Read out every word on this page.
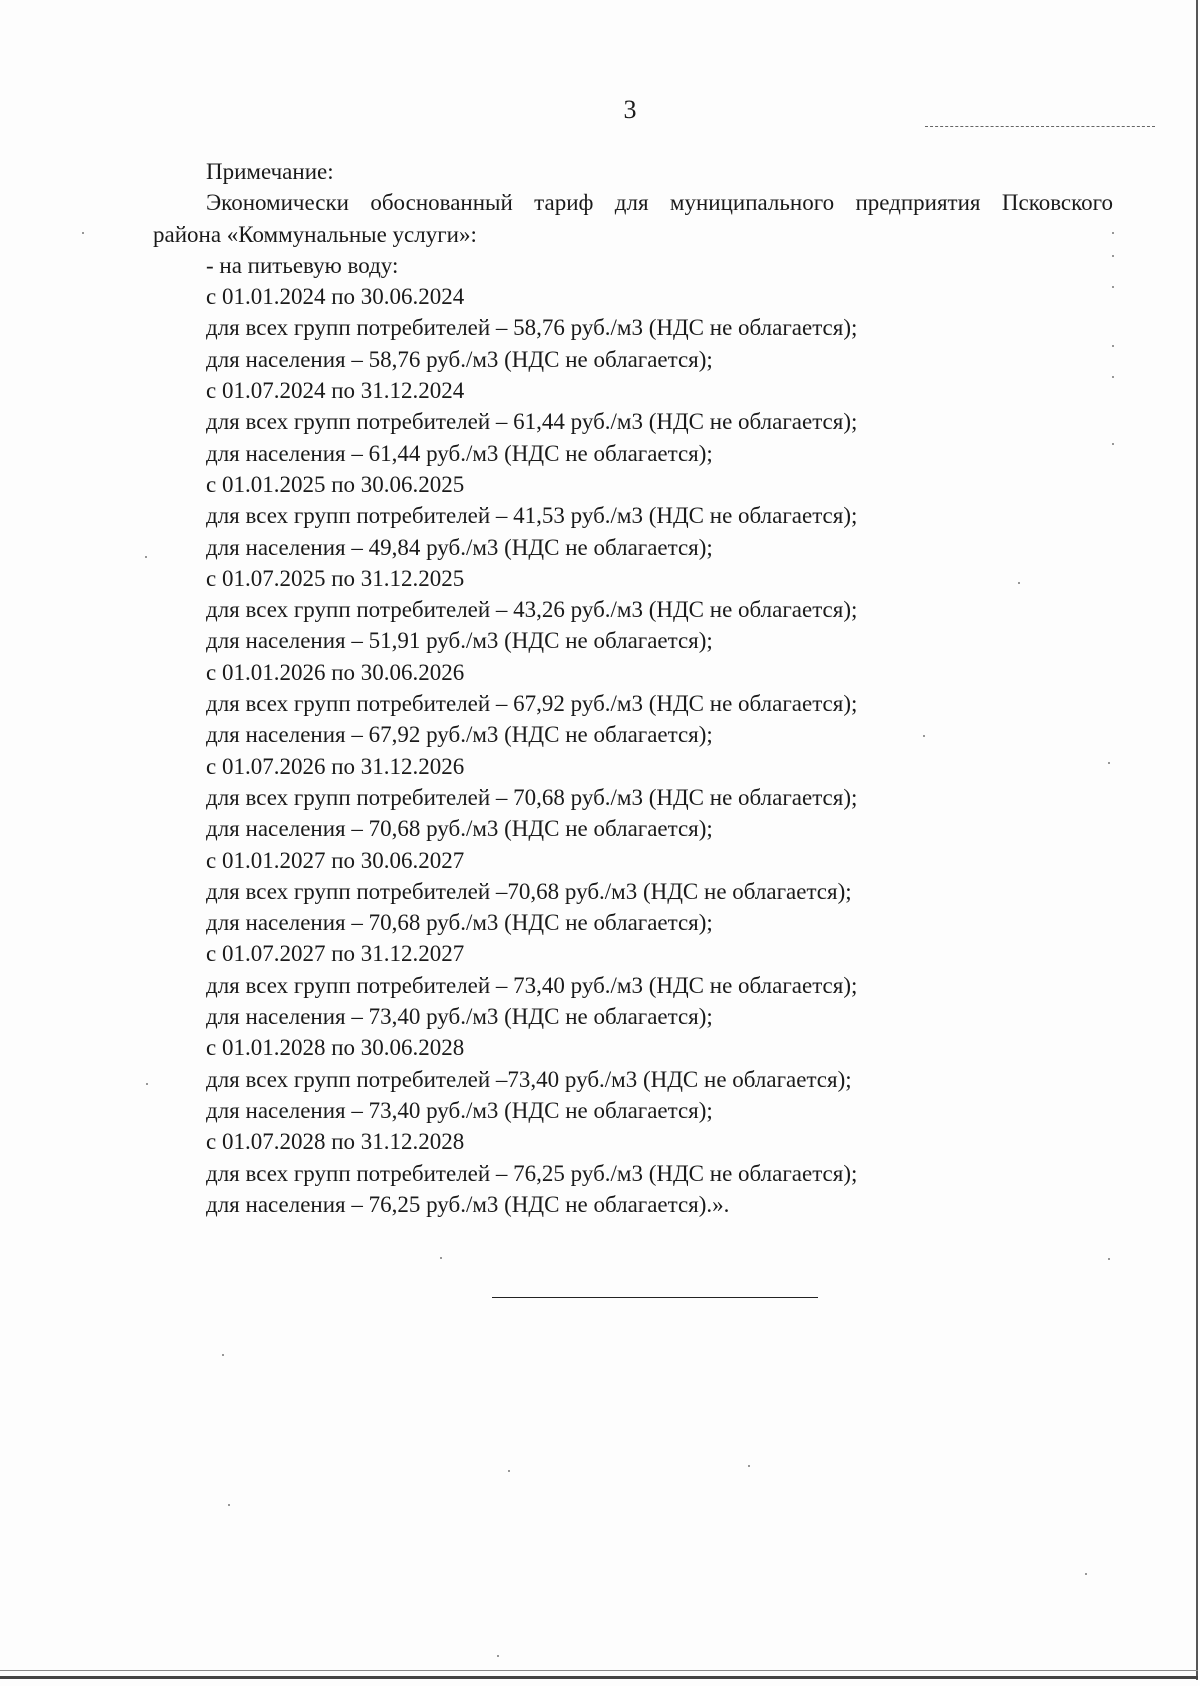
3
Примечание:
Экономически обоснованный тариф для муниципального предприятия Псковского
района «Коммунальные услуги»:
- на питьевую воду:
с 01.01.2024 по 30.06.2024
для всех групп потребителей – 58,76 руб./м3 (НДС не облагается);
для населения – 58,76 руб./м3 (НДС не облагается);
с 01.07.2024 по 31.12.2024
для всех групп потребителей – 61,44 руб./м3 (НДС не облагается);
для населения – 61,44 руб./м3 (НДС не облагается);
с 01.01.2025 по 30.06.2025
для всех групп потребителей – 41,53 руб./м3 (НДС не облагается);
для населения – 49,84 руб./м3 (НДС не облагается);
с 01.07.2025 по 31.12.2025
для всех групп потребителей – 43,26 руб./м3 (НДС не облагается);
для населения – 51,91 руб./м3 (НДС не облагается);
с 01.01.2026 по 30.06.2026
для всех групп потребителей – 67,92 руб./м3 (НДС не облагается);
для населения – 67,92 руб./м3 (НДС не облагается);
с 01.07.2026 по 31.12.2026
для всех групп потребителей – 70,68 руб./м3 (НДС не облагается);
для населения – 70,68 руб./м3 (НДС не облагается);
с 01.01.2027 по 30.06.2027
для всех групп потребителей –70,68 руб./м3 (НДС не облагается);
для населения – 70,68 руб./м3 (НДС не облагается);
с 01.07.2027 по 31.12.2027
для всех групп потребителей – 73,40 руб./м3 (НДС не облагается);
для населения – 73,40 руб./м3 (НДС не облагается);
с 01.01.2028 по 30.06.2028
для всех групп потребителей –73,40 руб./м3 (НДС не облагается);
для населения – 73,40 руб./м3 (НДС не облагается);
с 01.07.2028 по 31.12.2028
для всех групп потребителей – 76,25 руб./м3 (НДС не облагается);
для населения – 76,25 руб./м3 (НДС не облагается).».
